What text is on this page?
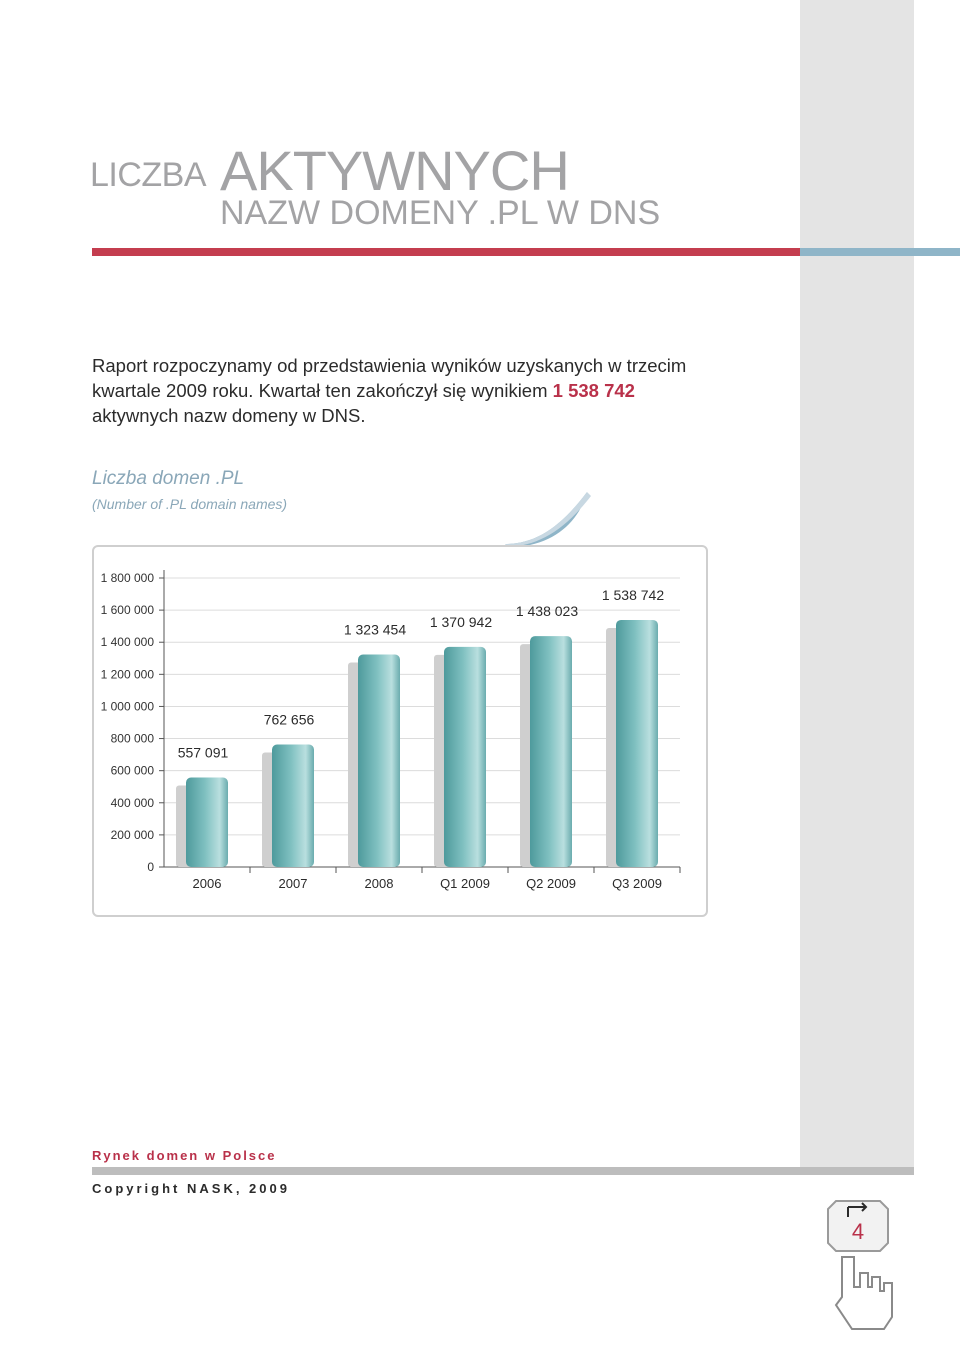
LICZBA AKTYWNYCH
NAZW DOMENY .PL W DNS

Raport rozpoczynamy od przedstawienia wyników uzyskanych w trzecim kwartale 2009 roku. Kwartał ten zakończył się wynikiem 1 538 742 aktywnych nazw domeny w DNS.

Liczba domen .PL
(Number of .PL domain names)
0
200 000
400 000
600 000
800 000
1 000 000
1 200 000
1 400 000
1 600 000
1 800 000
557 091
2006
762 656
2007
1 323 454
2008
1 370 942
Q1 2009
1 438 023
Q2 2009
1 538 742
Q3 2009
Rynek domen w Polsce
Copyright NASK, 2009
4
